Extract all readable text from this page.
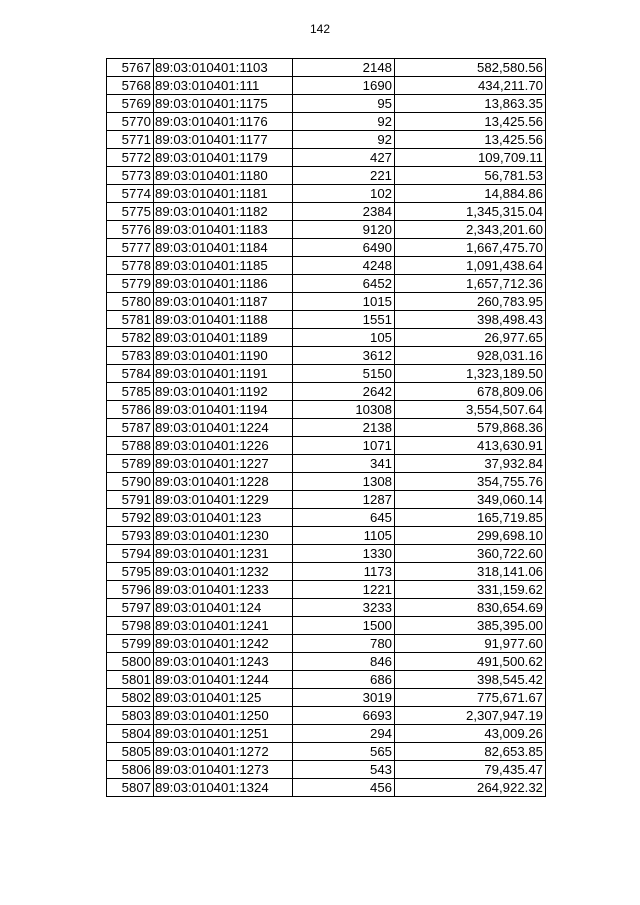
142
5767	89:03:010401:1103	2148	582,580.56
5768	89:03:010401:111	1690	434,211.70
5769	89:03:010401:1175	95	13,863.35
5770	89:03:010401:1176	92	13,425.56
5771	89:03:010401:1177	92	13,425.56
5772	89:03:010401:1179	427	109,709.11
5773	89:03:010401:1180	221	56,781.53
5774	89:03:010401:1181	102	14,884.86
5775	89:03:010401:1182	2384	1,345,315.04
5776	89:03:010401:1183	9120	2,343,201.60
5777	89:03:010401:1184	6490	1,667,475.70
5778	89:03:010401:1185	4248	1,091,438.64
5779	89:03:010401:1186	6452	1,657,712.36
5780	89:03:010401:1187	1015	260,783.95
5781	89:03:010401:1188	1551	398,498.43
5782	89:03:010401:1189	105	26,977.65
5783	89:03:010401:1190	3612	928,031.16
5784	89:03:010401:1191	5150	1,323,189.50
5785	89:03:010401:1192	2642	678,809.06
5786	89:03:010401:1194	10308	3,554,507.64
5787	89:03:010401:1224	2138	579,868.36
5788	89:03:010401:1226	1071	413,630.91
5789	89:03:010401:1227	341	37,932.84
5790	89:03:010401:1228	1308	354,755.76
5791	89:03:010401:1229	1287	349,060.14
5792	89:03:010401:123	645	165,719.85
5793	89:03:010401:1230	1105	299,698.10
5794	89:03:010401:1231	1330	360,722.60
5795	89:03:010401:1232	1173	318,141.06
5796	89:03:010401:1233	1221	331,159.62
5797	89:03:010401:124	3233	830,654.69
5798	89:03:010401:1241	1500	385,395.00
5799	89:03:010401:1242	780	91,977.60
5800	89:03:010401:1243	846	491,500.62
5801	89:03:010401:1244	686	398,545.42
5802	89:03:010401:125	3019	775,671.67
5803	89:03:010401:1250	6693	2,307,947.19
5804	89:03:010401:1251	294	43,009.26
5805	89:03:010401:1272	565	82,653.85
5806	89:03:010401:1273	543	79,435.47
5807	89:03:010401:1324	456	264,922.32
